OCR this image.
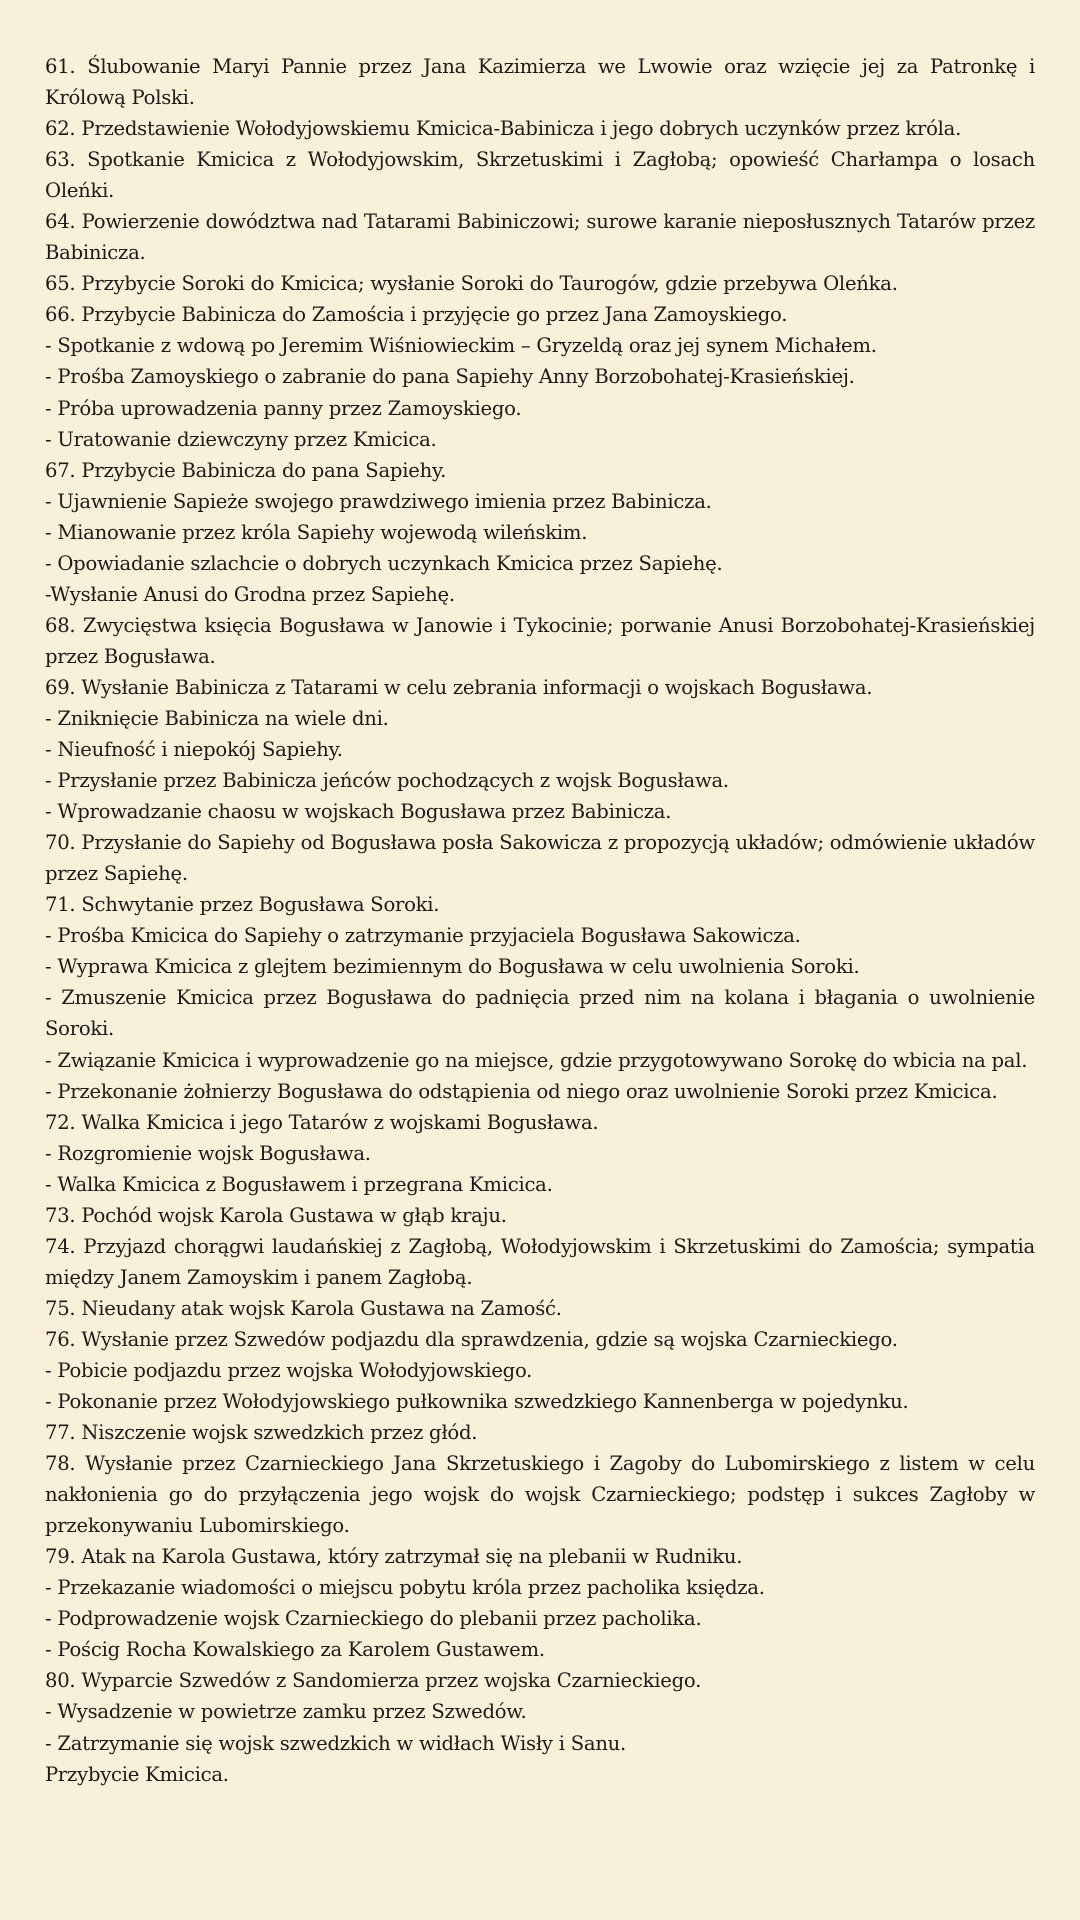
61. Ślubowanie Maryi Pannie przez Jana Kazimierza we Lwowie oraz wzięcie jej za Patronkę i Królową Polski.

62. Przedstawienie Wołodyjowskiemu Kmicica-Babinicza i jego dobrych uczynków przez króla.

63. Spotkanie Kmicica z Wołodyjowskim, Skrzetuskimi i Zagłobą; opowieść Charłampa o losach Oleńki.

64. Powierzenie dowództwa nad Tatarami Babiniczowi; surowe karanie nieposłusznych Tatarów przez Babinicza.

65. Przybycie Soroki do Kmicica; wysłanie Soroki do Taurogów, gdzie przebywa Oleńka.

66. Przybycie Babinicza do Zamościa i przyjęcie go przez Jana Zamoyskiego.

- Spotkanie z wdową po Jeremim Wiśniowieckim – Gryzeldą oraz jej synem Michałem.

- Prośba Zamoyskiego o zabranie do pana Sapiehy Anny Borzobohatej-Krasieńskiej.

- Próba uprowadzenia panny przez Zamoyskiego.

- Uratowanie dziewczyny przez Kmicica.

67. Przybycie Babinicza do pana Sapiehy.

- Ujawnienie Sapieże swojego prawdziwego imienia przez Babinicza.

- Mianowanie przez króla Sapiehy wojewodą wileńskim.

- Opowiadanie szlachcie o dobrych uczynkach Kmicica przez Sapiehę.

-Wysłanie Anusi do Grodna przez Sapiehę.

68. Zwycięstwa księcia Bogusława w Janowie i Tykocinie; porwanie Anusi Borzobohatej-Krasieńskiej przez Bogusława.

69. Wysłanie Babinicza z Tatarami w celu zebrania informacji o wojskach Bogusława.

- Zniknięcie Babinicza na wiele dni.

- Nieufność i niepokój Sapiehy.

- Przysłanie przez Babinicza jeńców pochodzących z wojsk Bogusława.

- Wprowadzanie chaosu w wojskach Bogusława przez Babinicza.

70. Przysłanie do Sapiehy od Bogusława posła Sakowicza z propozycją układów; odmówienie układów przez Sapiehę.

71. Schwytanie przez Bogusława Soroki.

- Prośba Kmicica do Sapiehy o zatrzymanie przyjaciela Bogusława Sakowicza.

- Wyprawa Kmicica z glejtem bezimiennym do Bogusława w celu uwolnienia Soroki.

- Zmuszenie Kmicica przez Bogusława do padnięcia przed nim na kolana i błagania o uwolnienie Soroki.

- Związanie Kmicica i wyprowadzenie go na miejsce, gdzie przygotowywano Sorokę do wbicia na pal.

- Przekonanie żołnierzy Bogusława do odstąpienia od niego oraz uwolnienie Soroki przez Kmicica.

72. Walka Kmicica i jego Tatarów z wojskami Bogusława.

- Rozgromienie wojsk Bogusława.

- Walka Kmicica z Bogusławem i przegrana Kmicica.

73. Pochód wojsk Karola Gustawa w głąb kraju.

74. Przyjazd chorągwi laudańskiej z Zagłobą, Wołodyjowskim i Skrzetuskimi do Zamościa; sympatia między Janem Zamoyskim i panem Zagłobą.

75. Nieudany atak wojsk Karola Gustawa na Zamość.

76. Wysłanie przez Szwedów podjazdu dla sprawdzenia, gdzie są wojska Czarnieckiego.

- Pobicie podjazdu przez wojska Wołodyjowskiego.

- Pokonanie przez Wołodyjowskiego pułkownika szwedzkiego Kannenberga w pojedynku.

77. Niszczenie wojsk szwedzkich przez głód.

78. Wysłanie przez Czarnieckiego Jana Skrzetuskiego i Zagoby do Lubomirskiego z listem w celu nakłonienia go do przyłączenia jego wojsk do wojsk Czarnieckiego; podstęp i sukces Zagłoby w przekonywaniu Lubomirskiego.

79. Atak na Karola Gustawa, który zatrzymał się na plebanii w Rudniku.

- Przekazanie wiadomości o miejscu pobytu króla przez pacholika księdza.

- Podprowadzenie wojsk Czarnieckiego do plebanii przez pacholika.

- Pościg Rocha Kowalskiego za Karolem Gustawem.

80. Wyparcie Szwedów z Sandomierza przez wojska Czarnieckiego.

- Wysadzenie w powietrze zamku przez Szwedów.

- Zatrzymanie się wojsk szwedzkich w widłach Wisły i Sanu.

Przybycie Kmicica.
